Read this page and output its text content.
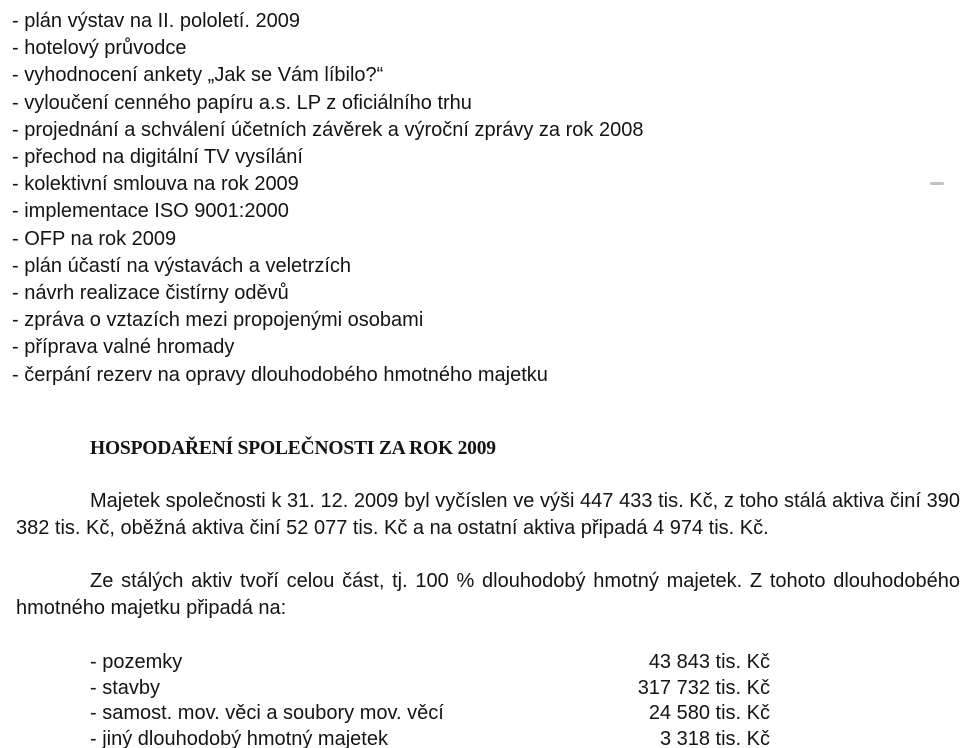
- plán výstav na II. pololetí. 2009
- hotelový průvodce
- vyhodnocení ankety „Jak se Vám líbilo?“
- vyloučení cenného papíru a.s. LP z oficiálního trhu
- projednání a schválení účetních závěrek a výroční zprávy za rok 2008
- přechod na digitální TV vysílání
- kolektivní smlouva na rok 2009
- implementace ISO 9001:2000
- OFP na rok 2009
- plán účastí na výstavách a veletrzích
- návrh realizace čistírny oděvů
- zpráva o vztazích mezi propojenými osobami
- příprava valné hromady
- čerpání rezerv na opravy dlouhodobého hmotného majetku
HOSPODAŘENÍ SPOLEČNOSTI ZA ROK 2009

Majetek společnosti k 31. 12. 2009 byl vyčíslen ve výši 447 433 tis. Kč, z toho stálá aktiva činí 390 382 tis. Kč, oběžná aktiva činí 52 077 tis. Kč a na ostatní aktiva připadá 4 974 tis. Kč.

Ze stálých aktiv tvoří celou část, tj. 100 % dlouhodobý hmotný majetek. Z tohoto dlouhodobého hmotného majetku připadá na:

- pozemky	43 843 tis. Kč
- stavby	317 732 tis. Kč
- samost. mov. věci a soubory mov. věcí	24 580 tis. Kč
- jiný dlouhodobý hmotný majetek	3 318 tis. Kč
